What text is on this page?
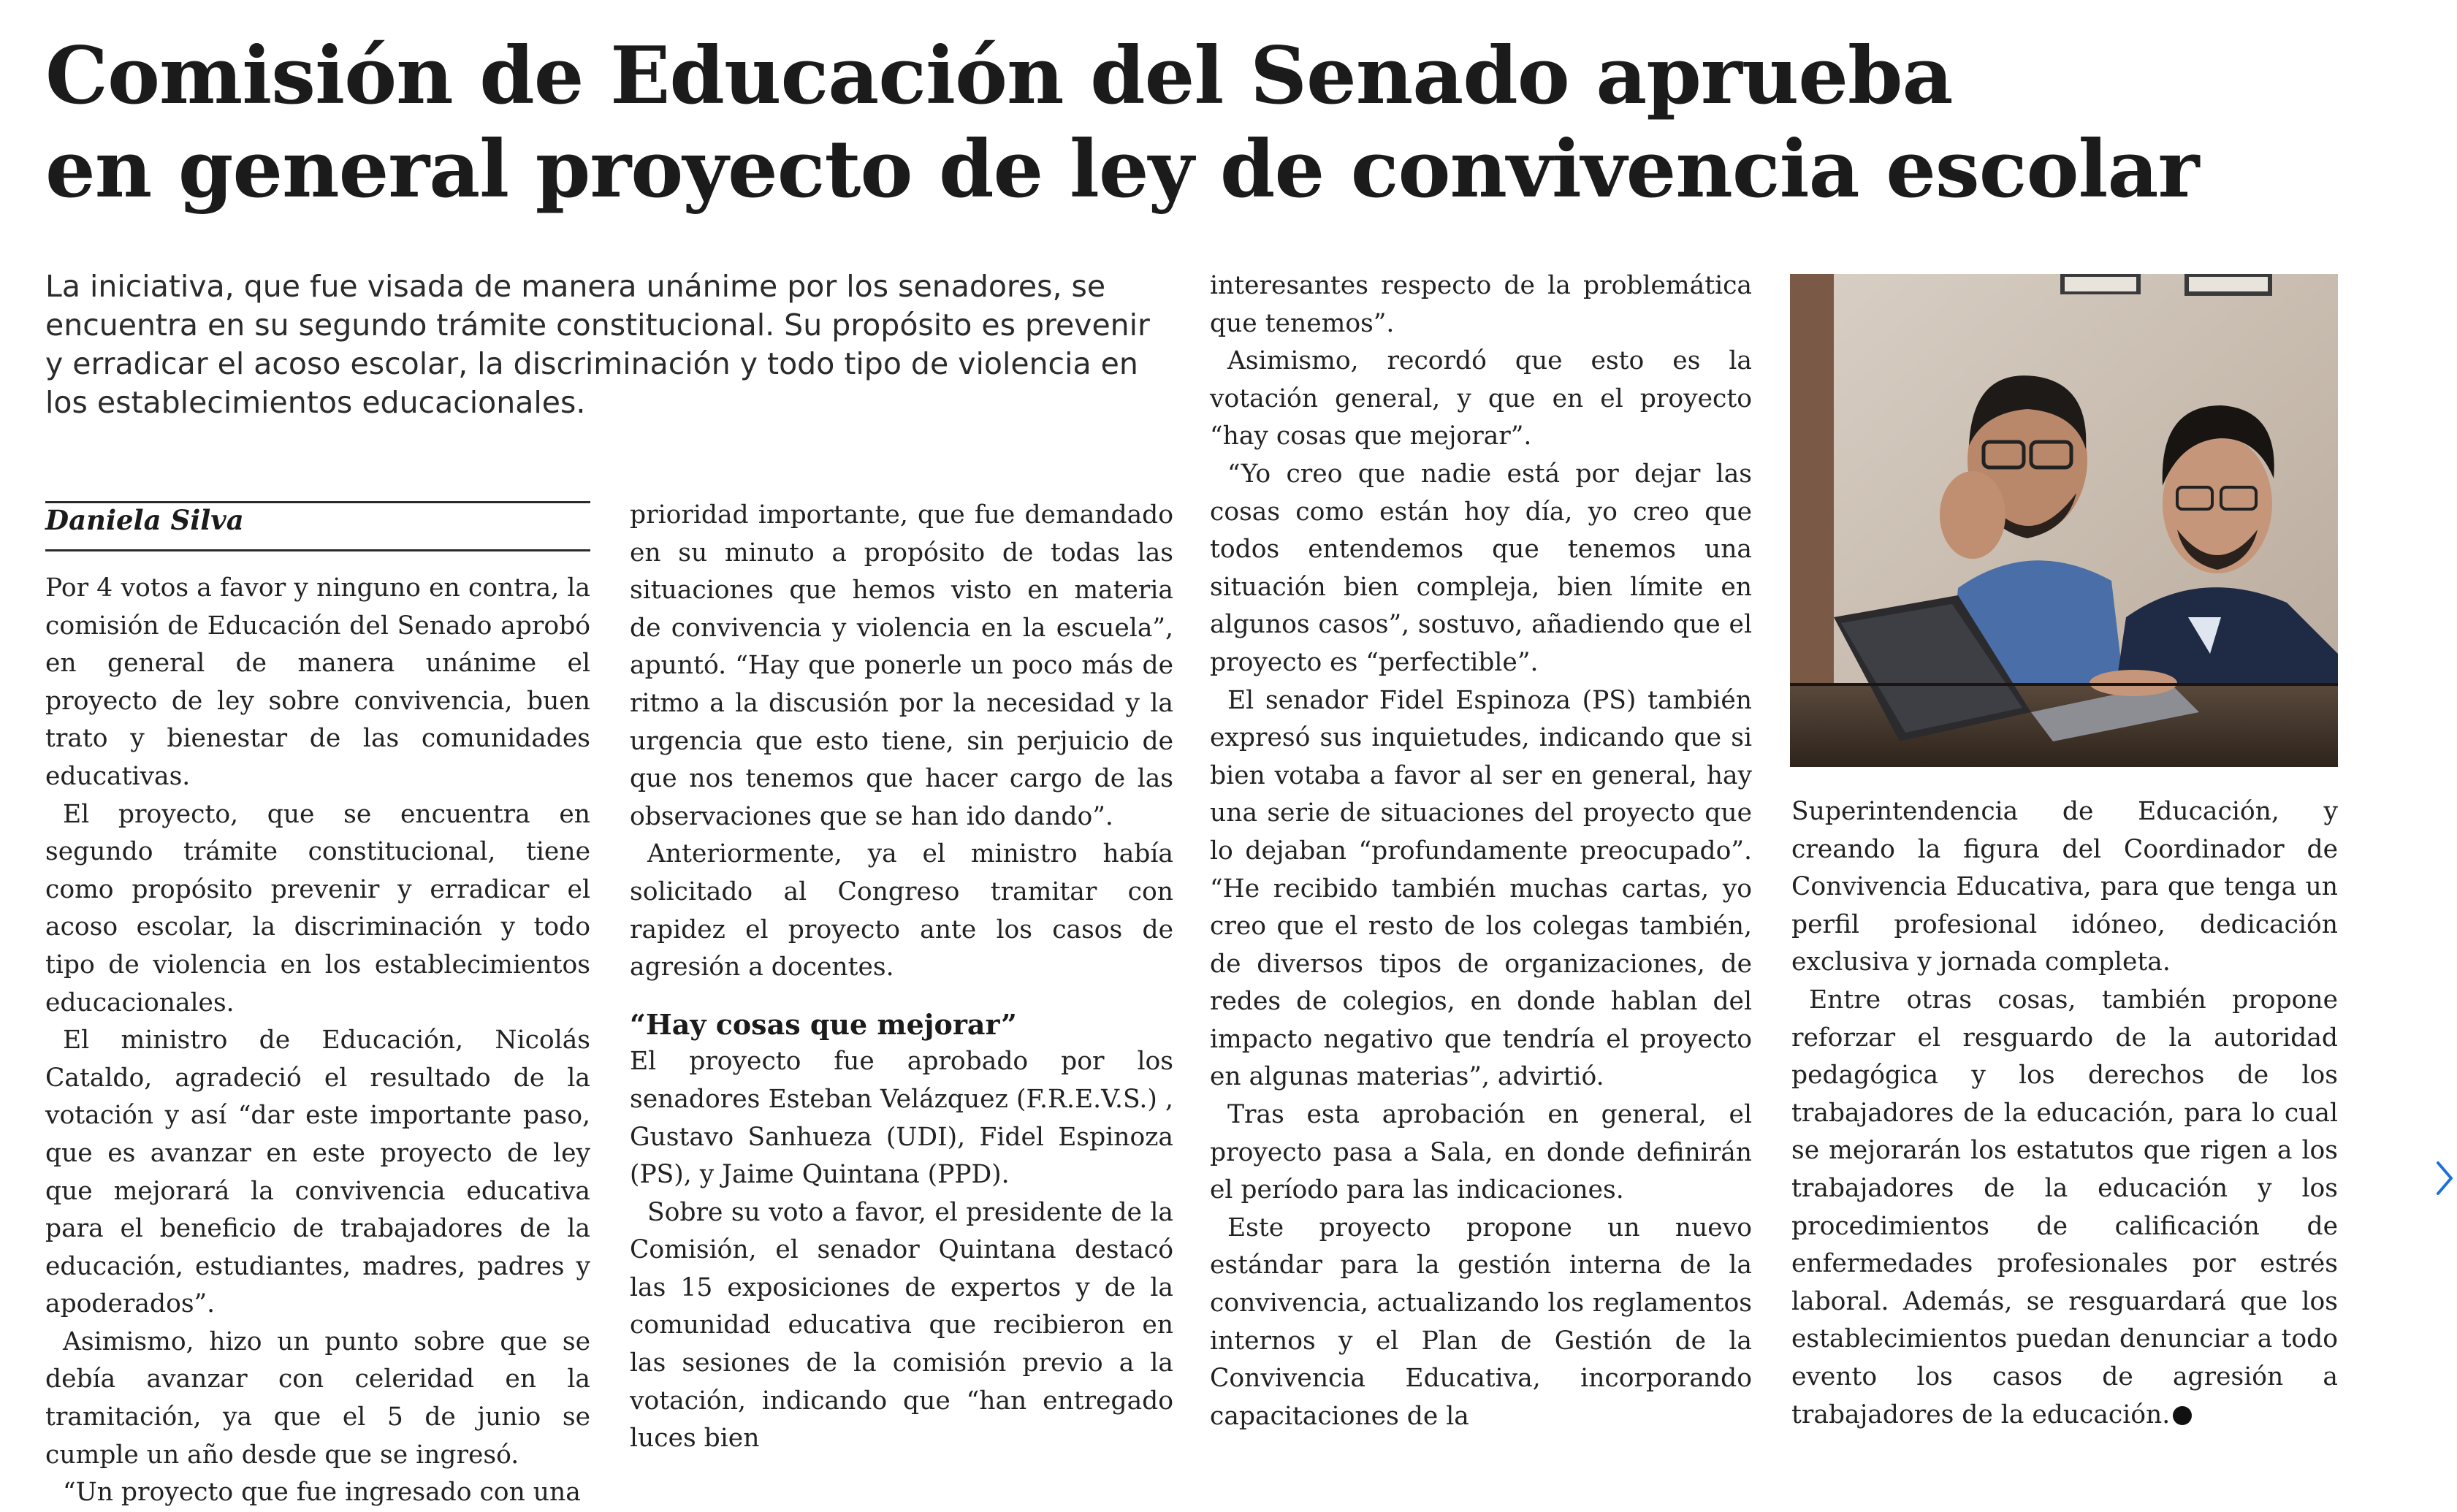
Comisión de Educación del Senado aprueba
en general proyecto de ley de convivencia escolar

La iniciativa, que fue visada de manera unánime por los senadores, se encuentra en su segundo trámite constitucional. Su propósito es prevenir y erradicar el acoso escolar, la discriminación y todo tipo de violencia en los establecimientos educacionales.

Daniela Silva

Por 4 votos a favor y ninguno en contra, la comisión de Educación del Senado aprobó en general de manera unánime el proyecto de ley sobre convivencia, buen trato y bienestar de las comunidades educativas.

El proyecto, que se encuentra en segundo trámite constitucional, tiene como propósito prevenir y erradicar el acoso escolar, la discriminación y todo tipo de violencia en los establecimientos educacionales.

El ministro de Educación, Nicolás Cataldo, agradeció el resultado de la votación y así “dar este importante paso, que es avanzar en este proyecto de ley que mejorará la convivencia educativa para el beneficio de trabajadores de la educación, estudiantes, madres, padres y apoderados”.

Asimismo, hizo un punto sobre que se debía avanzar con celeridad en la tramitación, ya que el 5 de junio se cumple un año desde que se ingresó.

“Un proyecto que fue ingresado con una

prioridad importante, que fue demandado en su minuto a propósito de todas las situaciones que hemos visto en materia de convivencia y violencia en la escuela”, apuntó. “Hay que ponerle un poco más de ritmo a la discusión por la necesidad y la urgencia que esto tiene, sin perjuicio de que nos tenemos que hacer cargo de las observaciones que se han ido dando”.

Anteriormente, ya el ministro había solicitado al Congreso tramitar con rapidez el proyecto ante los casos de agresión a docentes.

“Hay cosas que mejorar”

El proyecto fue aprobado por los senadores Esteban Velázquez (F.R.E.V.S.) , Gustavo Sanhueza (UDI), Fidel Espinoza (PS), y Jaime Quintana (PPD).

Sobre su voto a favor, el presidente de la Comisión, el senador Quintana destacó las 15 exposiciones de expertos y de la comunidad educativa que recibieron en las sesiones de la comisión previo a la votación, indicando que “han entregado luces bien

interesantes respecto de la problemática que tenemos”.

Asimismo, recordó que esto es la votación general, y que en el proyecto “hay cosas que mejorar”.

“Yo creo que nadie está por dejar las cosas como están hoy día, yo creo que todos entendemos que tenemos una situación bien compleja, bien límite en algunos casos”, sostuvo, añadiendo que el proyecto es “perfectible”.

El senador Fidel Espinoza (PS) también expresó sus inquietudes, indicando que si bien votaba a favor al ser en general, hay una serie de situaciones del proyecto que lo dejaban “profundamente preocupado”. “He recibido también muchas cartas, yo creo que el resto de los colegas también, de diversos tipos de organizaciones, de redes de colegios, en donde hablan del impacto negativo que tendría el proyecto en algunas materias”, advirtió.

Tras esta aprobación en general, el proyecto pasa a Sala, en donde definirán el período para las indicaciones.

Este proyecto propone un nuevo estándar para la gestión interna de la convivencia, actualizando los reglamentos internos y el Plan de Gestión de la Convivencia Educativa, incorporando capacitaciones de la

Superintendencia de Educación, y creando la figura del Coordinador de Convivencia Educativa, para que tenga un perfil profesional idóneo, dedicación exclusiva y jornada completa.

Entre otras cosas, también propone reforzar el resguardo de la autoridad pedagógica y los derechos de los trabajadores de la educación, para lo cual se mejorarán los estatutos que rigen a los trabajadores de la educación y los procedimientos de calificación de enfermedades profesionales por estrés laboral. Además, se resguardará que los establecimientos puedan denunciar a todo evento los casos de agresión a trabajadores de la educación.
